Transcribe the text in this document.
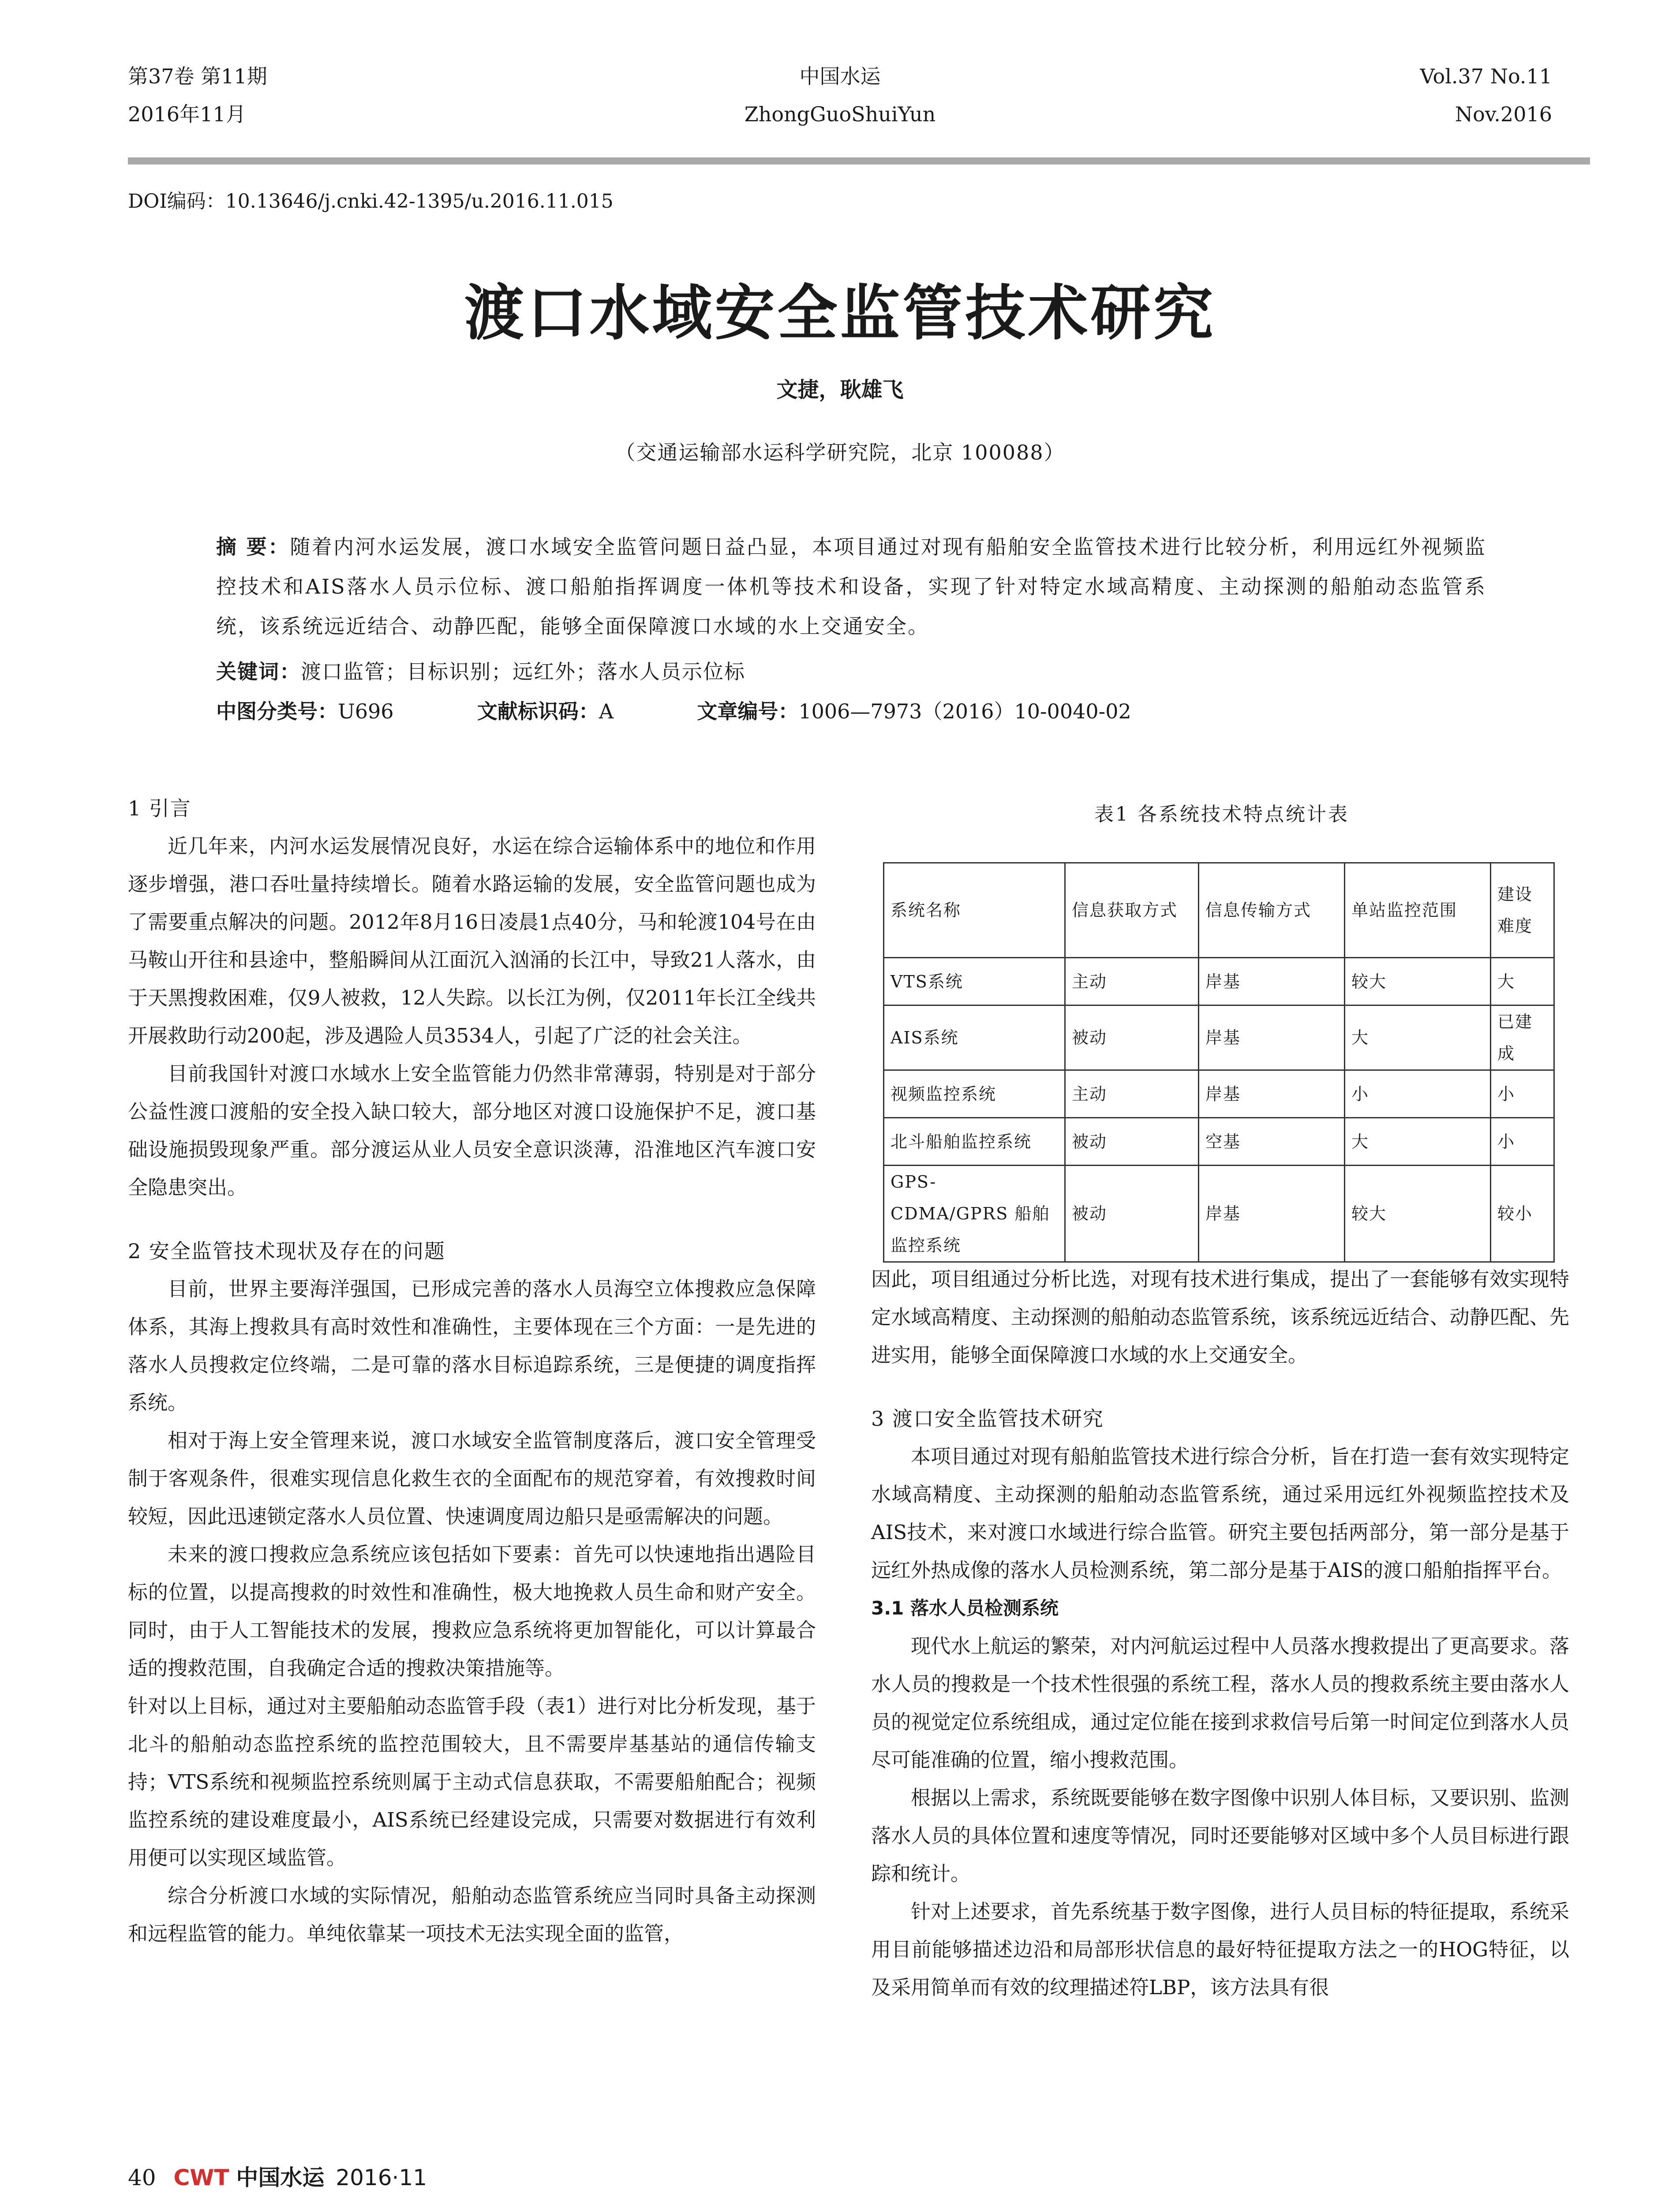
第37卷 第11期
2016年11月
中国水运
ZhongGuoShuiYun
Vol.37 No.11
Nov.2016
DOI编码：10.13646/j.cnki.42-1395/u.2016.11.015
渡口水域安全监管技术研究
文捷，耿雄飞
（交通运输部水运科学研究院，北京 100088）
摘 要：随着内河水运发展，渡口水域安全监管问题日益凸显，本项目通过对现有船舶安全监管技术进行比较分析，利用远红外视频监控技术和AIS落水人员示位标、渡口船舶指挥调度一体机等技术和设备，实现了针对特定水域高精度、主动探测的船舶动态监管系统，该系统远近结合、动静匹配，能够全面保障渡口水域的水上交通安全。
关键词：渡口监管；目标识别；远红外；落水人员示位标
中图分类号：U696	文献标识码：A	文章编号：1006—7973（2016）10-0040-02

1 引言

近几年来，内河水运发展情况良好，水运在综合运输体系中的地位和作用逐步增强，港口吞吐量持续增长。随着水路运输的发展，安全监管问题也成为了需要重点解决的问题。2012年8月16日凌晨1点40分，马和轮渡104号在由马鞍山开往和县途中，整船瞬间从江面沉入汹涌的长江中，导致21人落水，由于天黑搜救困难，仅9人被救，12人失踪。以长江为例，仅2011年长江全线共开展救助行动200起，涉及遇险人员3534人，引起了广泛的社会关注。

目前我国针对渡口水域水上安全监管能力仍然非常薄弱，特别是对于部分公益性渡口渡船的安全投入缺口较大，部分地区对渡口设施保护不足，渡口基础设施损毁现象严重。部分渡运从业人员安全意识淡薄，沿淮地区汽车渡口安全隐患突出。

2 安全监管技术现状及存在的问题

目前，世界主要海洋强国，已形成完善的落水人员海空立体搜救应急保障体系，其海上搜救具有高时效性和准确性，主要体现在三个方面：一是先进的落水人员搜救定位终端，二是可靠的落水目标追踪系统，三是便捷的调度指挥系统。

相对于海上安全管理来说，渡口水域安全监管制度落后，渡口安全管理受制于客观条件，很难实现信息化救生衣的全面配布的规范穿着，有效搜救时间较短，因此迅速锁定落水人员位置、快速调度周边船只是亟需解决的问题。

未来的渡口搜救应急系统应该包括如下要素：首先可以快速地指出遇险目标的位置，以提高搜救的时效性和准确性，极大地挽救人员生命和财产安全。同时，由于人工智能技术的发展，搜救应急系统将更加智能化，可以计算最合适的搜救范围，自我确定合适的搜救决策措施等。

针对以上目标，通过对主要船舶动态监管手段（表1）进行对比分析发现，基于北斗的船舶动态监控系统的监控范围较大，且不需要岸基基站的通信传输支持；VTS系统和视频监控系统则属于主动式信息获取，不需要船舶配合；视频监控系统的建设难度最小，AIS系统已经建设完成，只需要对数据进行有效利用便可以实现区域监管。

综合分析渡口水域的实际情况，船舶动态监管系统应当同时具备主动探测和远程监管的能力。单纯依靠某一项技术无法实现全面的监管，

表1 各系统技术特点统计表
系统名称	信息获取方式	信息传输方式	单站监控范围	建设难度
VTS系统	主动	岸基	较大	大
AIS系统	被动	岸基	大	已建成
视频监控系统	主动	岸基	小	小
北斗船舶监控系统	被动	空基	大	小
GPS- CDMA/GPRS 船舶监控系统	被动	岸基	较大	较小

因此，项目组通过分析比选，对现有技术进行集成，提出了一套能够有效实现特定水域高精度、主动探测的船舶动态监管系统，该系统远近结合、动静匹配、先进实用，能够全面保障渡口水域的水上交通安全。

3 渡口安全监管技术研究

本项目通过对现有船舶监管技术进行综合分析，旨在打造一套有效实现特定水域高精度、主动探测的船舶动态监管系统，通过采用远红外视频监控技术及AIS技术，来对渡口水域进行综合监管。研究主要包括两部分，第一部分是基于远红外热成像的落水人员检测系统，第二部分是基于AIS的渡口船舶指挥平台。

3.1 落水人员检测系统

现代水上航运的繁荣，对内河航运过程中人员落水搜救提出了更高要求。落水人员的搜救是一个技术性很强的系统工程，落水人员的搜救系统主要由落水人员的视觉定位系统组成，通过定位能在接到求救信号后第一时间定位到落水人员尽可能准确的位置，缩小搜救范围。

根据以上需求，系统既要能够在数字图像中识别人体目标，又要识别、监测落水人员的具体位置和速度等情况，同时还要能够对区域中多个人员目标进行跟踪和统计。

针对上述要求，首先系统基于数字图像，进行人员目标的特征提取，系统采用目前能够描述边沿和局部形状信息的最好特征提取方法之一的HOG特征，以及采用简单而有效的纹理描述符LBP，该方法具有很

40 CWT 中国水运 2016·11
